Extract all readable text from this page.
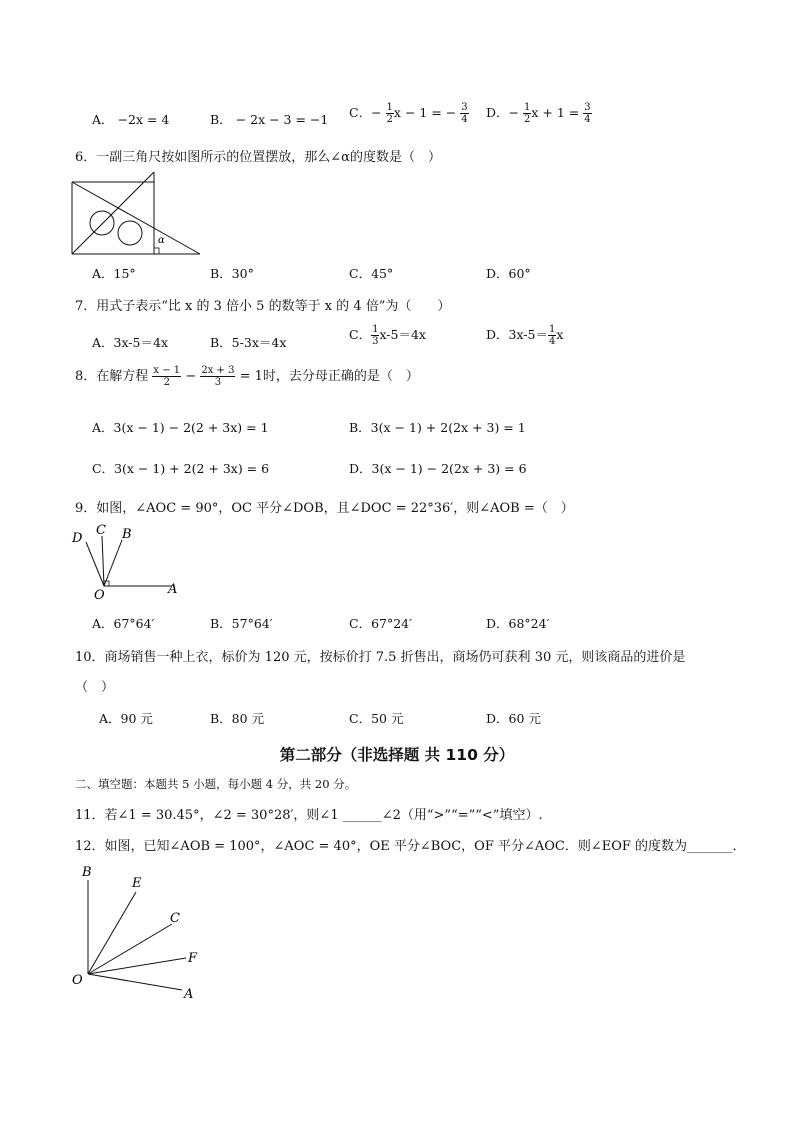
A． −2x = 4	B． − 2x − 3 = −1 C．− $\frac{1}{2}$ x − 1 = − $\frac{3}{4}$ D．− $\frac{1}{2}$ $x + 1 = \frac{3}{4}$
6．一副三角尺按如图所示的位置摆放，那么∠α的度数是（　）
α
A．15°	B．30°	C．45°	D．60°
7．用式子表示“比 x 的 3 倍小 5 的数等于 x 的 4 倍”为（　　）
A．3x-5＝4x	B．5-3x＝4x
C． $\frac{1}{3} x-5=4x$	D．$3x-5= \frac{1}{4}$ x
8．在解方程 $\frac{x - 1}{2} - \frac{2x + 3}{3} = 1$时，去分母正确的是（　）
A．3(x − 1) − 2(2 + 3x) = 1	B．3(x − 1) + 2(2x + 3) = 1
C．3(x − 1) + 2(2 + 3x) = 6	D．3(x − 1) − 2(2x + 3) = 6
9．如图，∠AOC = 90°，OC 平分∠DOB，且∠DOC = 22°36′，则∠AOB =（　）
D
C B
O	A
A．67°64′	B．57°64′	C．67°24′	D．68°24′
10．商场销售一种上衣，标价为 120 元，按标价打 7.5 折售出，商场仍可获利 30 元，则该商品的进价是
（　）
A．90 元	B．80 元	C．50 元	D．60 元
第二部分（非选择题 共 110 分）
二、填空题：本题共 5 小题，每小题 4 分，共 20 分。
11．若∠1 = 30.45°，∠2 = 30°28′，则∠1 ______∠2（用“>”“=”“<”填空）.
12．如图，已知∠AOB = 100°，∠AOC = 40°，OE 平分∠BOC，OF 平分∠AOC．则∠EOF 的度数为_______．
B
E
C
F
A
O
